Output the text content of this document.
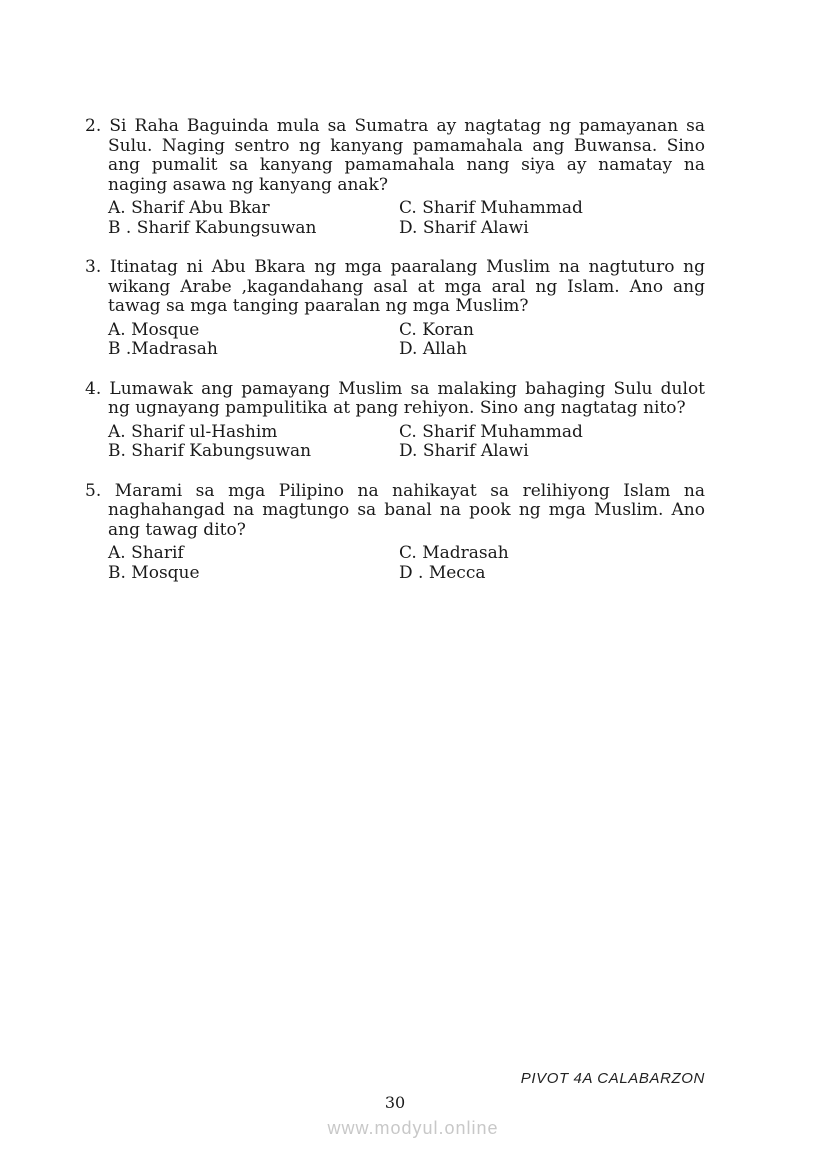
2. Si Raha Baguinda mula sa Sumatra ay nagtatag ng pamayanan sa Sulu. Naging sentro ng kanyang pamamahala ang Buwansa. Sino ang pumalit sa kanyang pamamahala nang siya ay namatay na naging asawa ng kanyang anak?

A. Sharif Abu Bkar	C. Sharif Muhammad
B . Sharif Kabungsuwan	D. Sharif Alawi

3. Itinatag ni Abu Bkara ng mga paaralang Muslim na nagtuturo ng wikang Arabe ,kagandahang asal at mga aral ng Islam. Ano ang tawag sa mga tanging paaralan ng mga Muslim?

A. Mosque	C. Koran
B .Madrasah	D. Allah

4. Lumawak ang pamayang Muslim sa malaking bahaging Sulu dulot ng ugnayang pampulitika at pang rehiyon. Sino ang nagtatag nito?

A. Sharif ul-Hashim	C. Sharif Muhammad
B. Sharif Kabungsuwan	D. Sharif Alawi

5. Marami sa mga Pilipino na nahikayat sa relihiyong Islam na naghahangad na magtungo sa banal na pook ng mga Muslim. Ano ang tawag dito?

A. Sharif	C. Madrasah
B. Mosque	D . Mecca
PIVOT 4A CALABARZON
30
www.modyul.online
